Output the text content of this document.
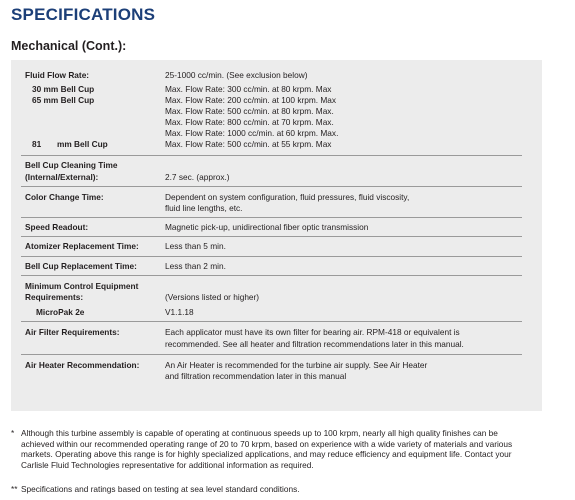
SPECIFICATIONS
Mechanical (Cont.):
Fluid Flow Rate:	25-1000 cc/min. (See exclusion below)
30 mm Bell Cup	Max. Flow Rate: 300 cc/min. at 80 krpm. Max
65 mm Bell Cup	Max. Flow Rate: 200 cc/min. at 100 krpm. Max
Max. Flow Rate: 500 cc/min. at 80 krpm. Max.
Max. Flow Rate: 800 cc/min. at 70 krpm. Max.
Max. Flow Rate: 1000 cc/min. at 60 krpm. Max.
81 mm Bell Cup	Max. Flow Rate: 500 cc/min. at 55 krpm. Max
Bell Cup Cleaning Time
(Internal/External):	2.7 sec. (approx.)
Color Change Time:	Dependent on system configuration, fluid pressures, fluid viscosity,
fluid line lengths, etc.
Speed Readout:	Magnetic pick-up, unidirectional fiber optic transmission
Atomizer Replacement Time:	Less than 5 min.
Bell Cup Replacement Time:	Less than 2 min.
Minimum Control Equipment
Requirements:	(Versions listed or higher)
MicroPak 2e	V1.1.18
Air Filter Requirements:	Each applicator must have its own filter for bearing air. RPM-418 or equivalent is
recommended. See all heater and filtration recommendations later in this manual.
Air Heater Recommendation:	An Air Heater is recommended for the turbine air supply. See Air Heater
and filtration recommendation later in this manual
* Although this turbine assembly is capable of operating at continuous speeds up to 100 krpm, nearly all high quality finishes can be
achieved within our recommended operating range of 20 to 70 krpm, based on experience with a wide variety of materials and various
markets. Operating above this range is for highly specialized applications, and may reduce efficiency and equipment life. Contact your
Carlisle Fluid Technologies representative for additional information as required.
** Specifications and ratings based on testing at sea level standard conditions.
